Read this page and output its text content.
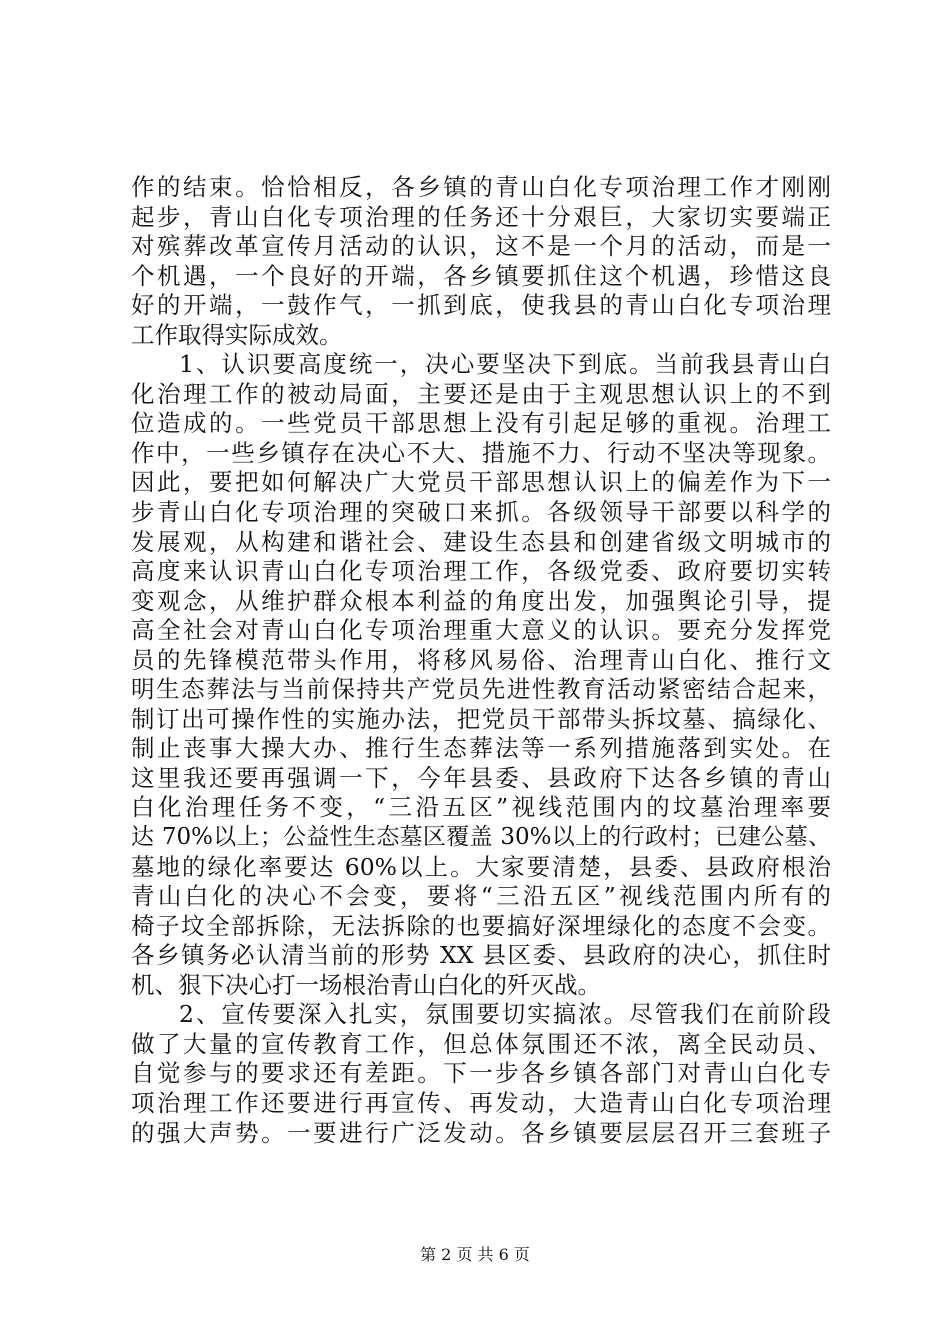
作的结束。恰恰相反，各乡镇的青山白化专项治理工作才刚刚
起步，青山白化专项治理的任务还十分艰巨，大家切实要端正
对殡葬改革宣传月活动的认识，这不是一个月的活动，而是一
个机遇，一个良好的开端，各乡镇要抓住这个机遇，珍惜这良
好的开端，一鼓作气，一抓到底，使我县的青山白化专项治理
工作取得实际成效。
1、认识要高度统一，决心要坚决下到底。当前我县青山白
化治理工作的被动局面，主要还是由于主观思想认识上的不到
位造成的。一些党员干部思想上没有引起足够的重视。治理工
作中，一些乡镇存在决心不大、措施不力、行动不坚决等现象。
因此，要把如何解决广大党员干部思想认识上的偏差作为下一
步青山白化专项治理的突破口来抓。各级领导干部要以科学的
发展观，从构建和谐社会、建设生态县和创建省级文明城市的
高度来认识青山白化专项治理工作，各级党委、政府要切实转
变观念，从维护群众根本利益的角度出发，加强舆论引导，提
高全社会对青山白化专项治理重大意义的认识。要充分发挥党
员的先锋模范带头作用，将移风易俗、治理青山白化、推行文
明生态葬法与当前保持共产党员先进性教育活动紧密结合起来，
制订出可操作性的实施办法，把党员干部带头拆坟墓、搞绿化、
制止丧事大操大办、推行生态葬法等一系列措施落到实处。在
这里我还要再强调一下，今年县委、县政府下达各乡镇的青山
白化治理任务不变，“三沿五区”视线范围内的坟墓治理率要
达 70%以上；公益性生态墓区覆盖 30%以上的行政村；已建公墓、
墓地的绿化率要达 60%以上。大家要清楚，县委、县政府根治
青山白化的决心不会变，要将“三沿五区”视线范围内所有的
椅子坟全部拆除，无法拆除的也要搞好深埋绿化的态度不会变。
各乡镇务必认清当前的形势 XX 县区委、县政府的决心，抓住时
机、狠下决心打一场根治青山白化的歼灭战。
2、宣传要深入扎实，氛围要切实搞浓。尽管我们在前阶段
做了大量的宣传教育工作，但总体氛围还不浓，离全民动员、
自觉参与的要求还有差距。下一步各乡镇各部门对青山白化专
项治理工作还要进行再宣传、再发动，大造青山白化专项治理
的强大声势。一要进行广泛发动。各乡镇要层层召开三套班子
第 2 页 共 6 页
